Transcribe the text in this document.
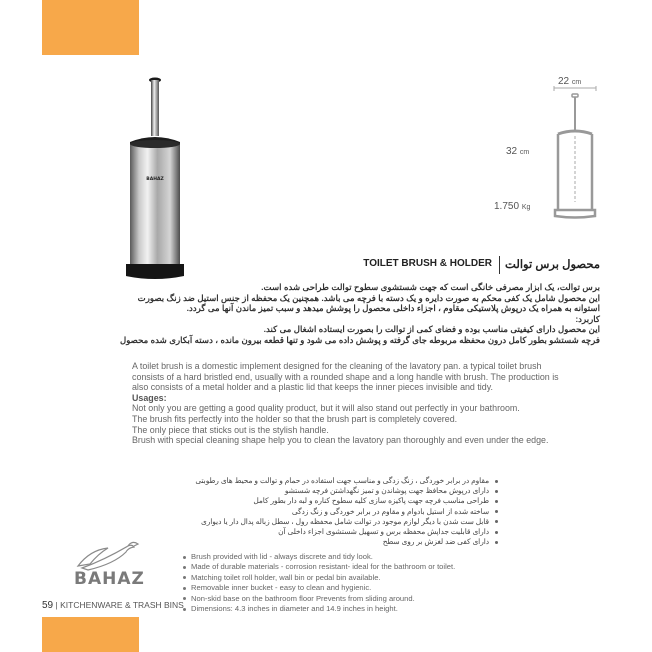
BAHAZ
22 cm
32 cm
1.750 Kg
TOILET BRUSH & HOLDER محصول برس توالت
برس توالت، یک ابزار مصرفی خانگی است که جهت شستشوی سطوح توالت طراحی شده است.
این محصول شامل یک کفی محکم به صورت دایره و یک دسته با فرچه می باشد. همچنین یک محفظه از جنس استیل ضد زنگ بصورت
استوانه به همراه یک درپوش پلاستیکی مقاوم ، اجزاء داخلی محصول را پوشش میدهد و سبب تمیز ماندن آنها می گردد.
کاربرد:
این محصول دارای کیفیتی مناسب بوده و فضای کمی از توالت را بصورت ایستاده اشغال می کند.
فرچه شستشو بطور کامل درون محفظه مربوطه جای گرفته و پوشش داده می شود و تنها قطعه بیرون مانده ، دسته آبکاری شده محصول
A toilet brush is a domestic implement designed for the cleaning of the lavatory pan. a typical toilet brush
consists of a hard bristled end, usually with a rounded shape and a long handle with brush. The production is
also consists of a metal holder and a plastic lid that keeps the inner pieces invisible and tidy.
Usages:
Not only you are getting a good quality product, but it will also stand out perfectly in your bathroom.
The brush fits perfectly into the holder so that the brush part is completely covered.
The only piece that sticks out is the stylish handle.
Brush with special cleaning shape help you to clean the lavatory pan thoroughly and even under the edge.
مقاوم در برابر خوردگی ، زنگ زدگی و مناسب جهت استفاده در حمام و توالت و محیط های رطوبتی
دارای درپوش محافظ جهت پوشاندن و تمیز نگهداشتن فرچه شستشو
طراحی مناسب فرچه جهت پاکیزه سازی کلیه سطوح کناره و لبه دار بطور کامل
ساخته شده از استیل بادوام و مقاوم در برابر خوردگی و زنگ زدگی
قابل ست شدن با دیگر لوازم موجود در توالت شامل محفظه رول ، سطل زباله پدال دار یا دیواری
دارای قابلیت جداپش محفظه برس و تسهیل شستشوی اجزاء داخلی آن
دارای کفی ضد لغزش بر روی سطح
Brush provided with lid - always discrete and tidy look.
Made of durable materials - corrosion resistant- ideal for the bathroom or toilet.
Matching toilet roll holder, wall bin or pedal bin available.
Removable inner bucket - easy to clean and hygienic.
Non-skid base on the bathroom floor Prevents from sliding around.
Dimensions: 4.3 inches in diameter and 14.9 inches in height.
BAHAZ
59 | KITCHENWARE & TRASH BINS
